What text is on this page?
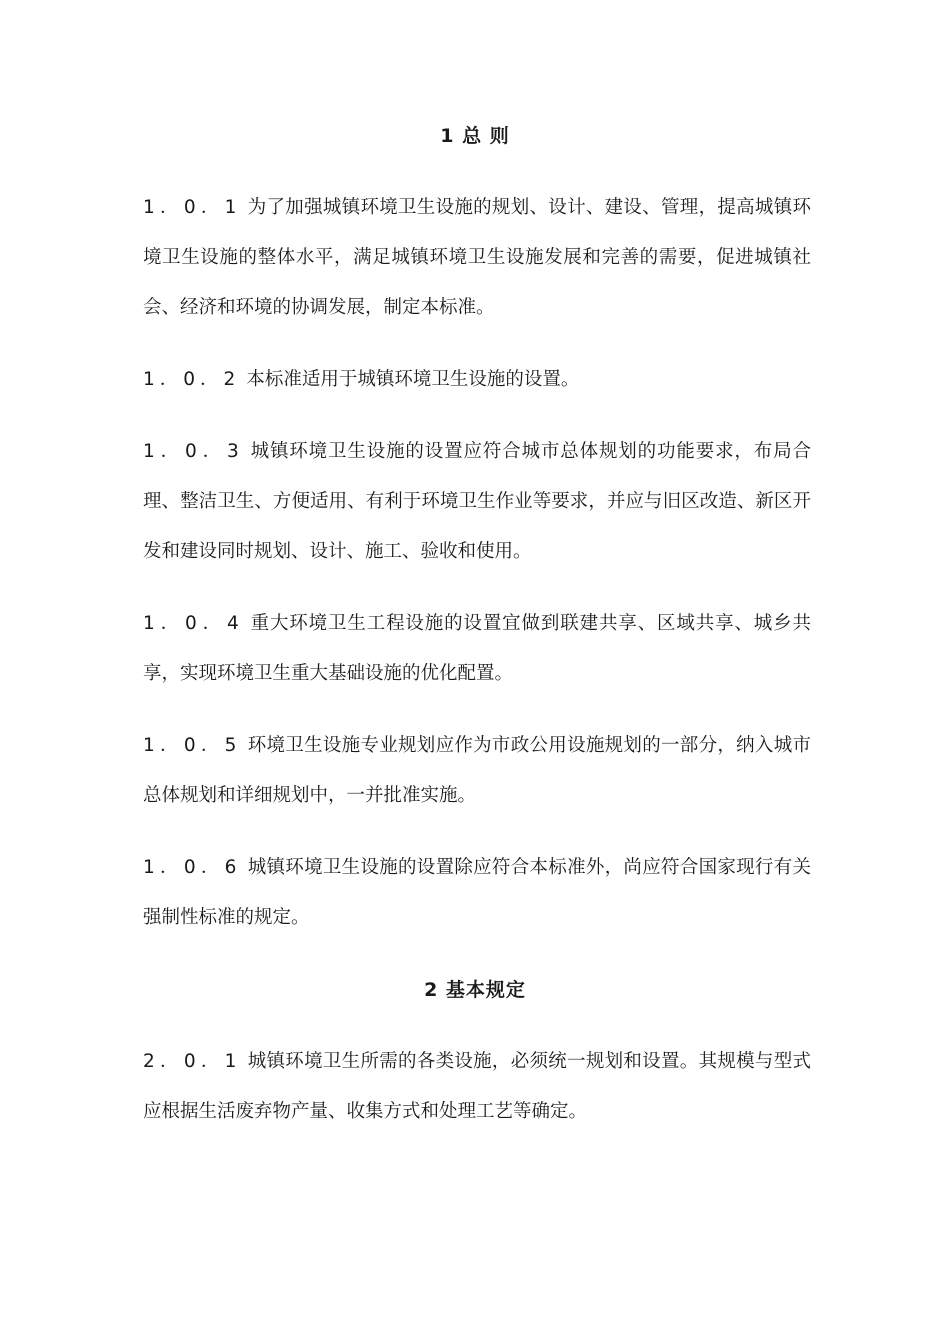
1 总 则

1．0．1 为了加强城镇环境卫生设施的规划、设计、建设、管理，提高城镇环境卫生设施的整体水平，满足城镇环境卫生设施发展和完善的需要，促进城镇社会、经济和环境的协调发展，制定本标准。

1．0．2 本标准适用于城镇环境卫生设施的设置。

1．0．3 城镇环境卫生设施的设置应符合城市总体规划的功能要求，布局合理、整洁卫生、方便适用、有利于环境卫生作业等要求，并应与旧区改造、新区开发和建设同时规划、设计、施工、验收和使用。

1．0．4 重大环境卫生工程设施的设置宜做到联建共享、区域共享、城乡共享，实现环境卫生重大基础设施的优化配置。

1．0．5 环境卫生设施专业规划应作为市政公用设施规划的一部分，纳入城市总体规划和详细规划中，一并批准实施。

1．0．6 城镇环境卫生设施的设置除应符合本标准外，尚应符合国家现行有关强制性标准的规定。

2 基本规定

2．0．1 城镇环境卫生所需的各类设施，必须统一规划和设置。其规模与型式应根据生活废弃物产量、收集方式和处理工艺等确定。
